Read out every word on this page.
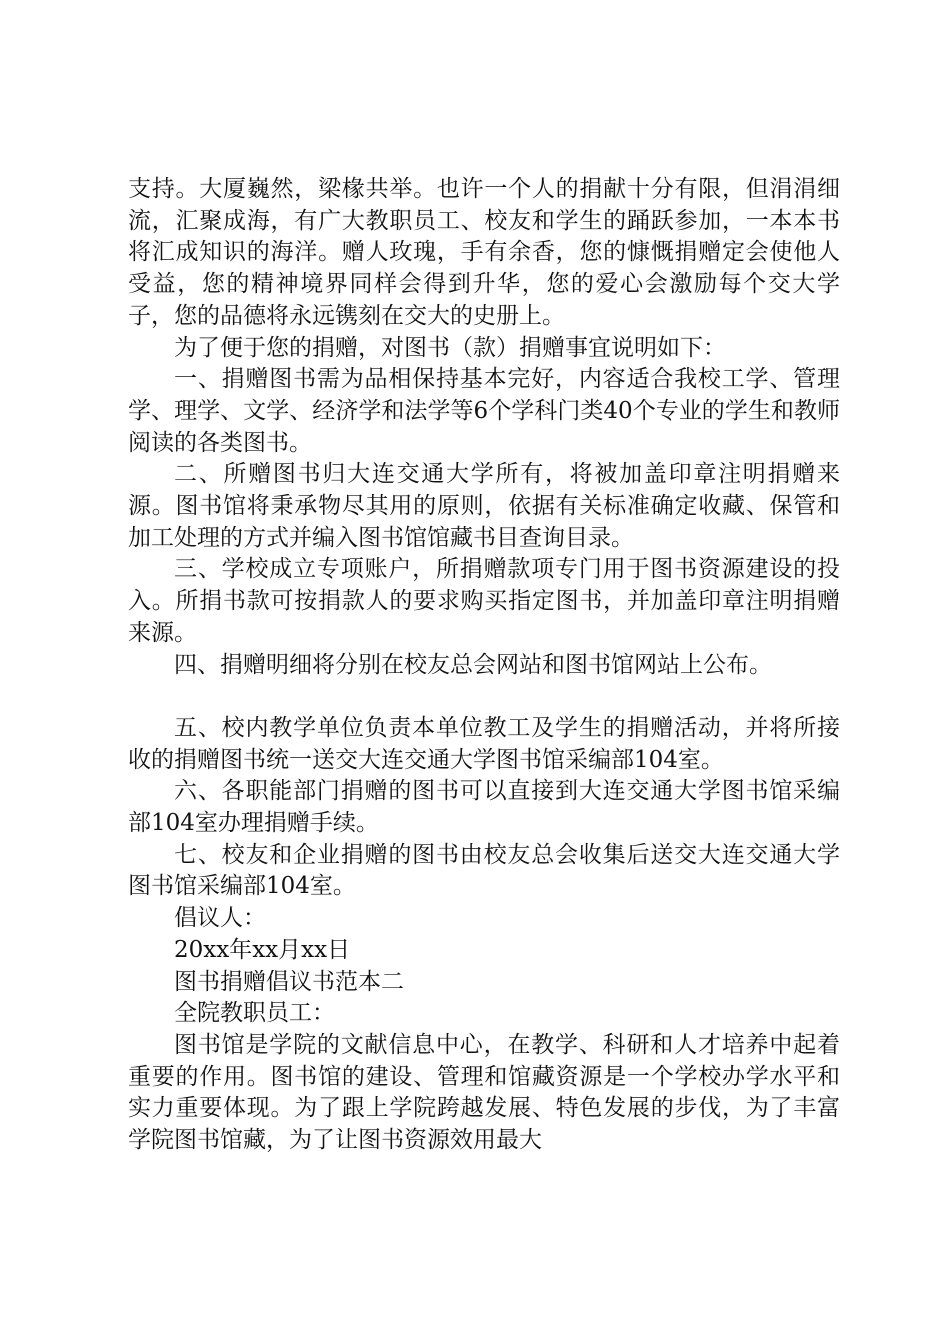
支持。大厦巍然，梁椽共举。也许一个人的捐献十分有限，但涓涓细流，汇聚成海，有广大教职员工、校友和学生的踊跃参加，一本本书将汇成知识的海洋。赠人玫瑰，手有余香，您的慷慨捐赠定会使他人受益，您的精神境界同样会得到升华，您的爱心会激励每个交大学子，您的品德将永远镌刻在交大的史册上。

为了便于您的捐赠，对图书（款）捐赠事宜说明如下：

一、捐赠图书需为品相保持基本完好，内容适合我校工学、管理学、理学、文学、经济学和法学等6个学科门类40个专业的学生和教师阅读的各类图书。

二、所赠图书归大连交通大学所有，将被加盖印章注明捐赠来源。图书馆将秉承物尽其用的原则，依据有关标准确定收藏、保管和加工处理的方式并编入图书馆馆藏书目查询目录。

三、学校成立专项账户，所捐赠款项专门用于图书资源建设的投入。所捐书款可按捐款人的要求购买指定图书，并加盖印章注明捐赠来源。

四、捐赠明细将分别在校友总会网站和图书馆网站上公布。

五、校内教学单位负责本单位教工及学生的捐赠活动，并将所接收的捐赠图书统一送交大连交通大学图书馆采编部104室。

六、各职能部门捐赠的图书可以直接到大连交通大学图书馆采编部104室办理捐赠手续。

七、校友和企业捐赠的图书由校友总会收集后送交大连交通大学图书馆采编部104室。

倡议人：

20xx年xx月xx日

图书捐赠倡议书范本二

全院教职员工：

图书馆是学院的文献信息中心，在教学、科研和人才培养中起着重要的作用。图书馆的建设、管理和馆藏资源是一个学校办学水平和实力重要体现。为了跟上学院跨越发展、特色发展的步伐，为了丰富学院图书馆藏，为了让图书资源效用最大
